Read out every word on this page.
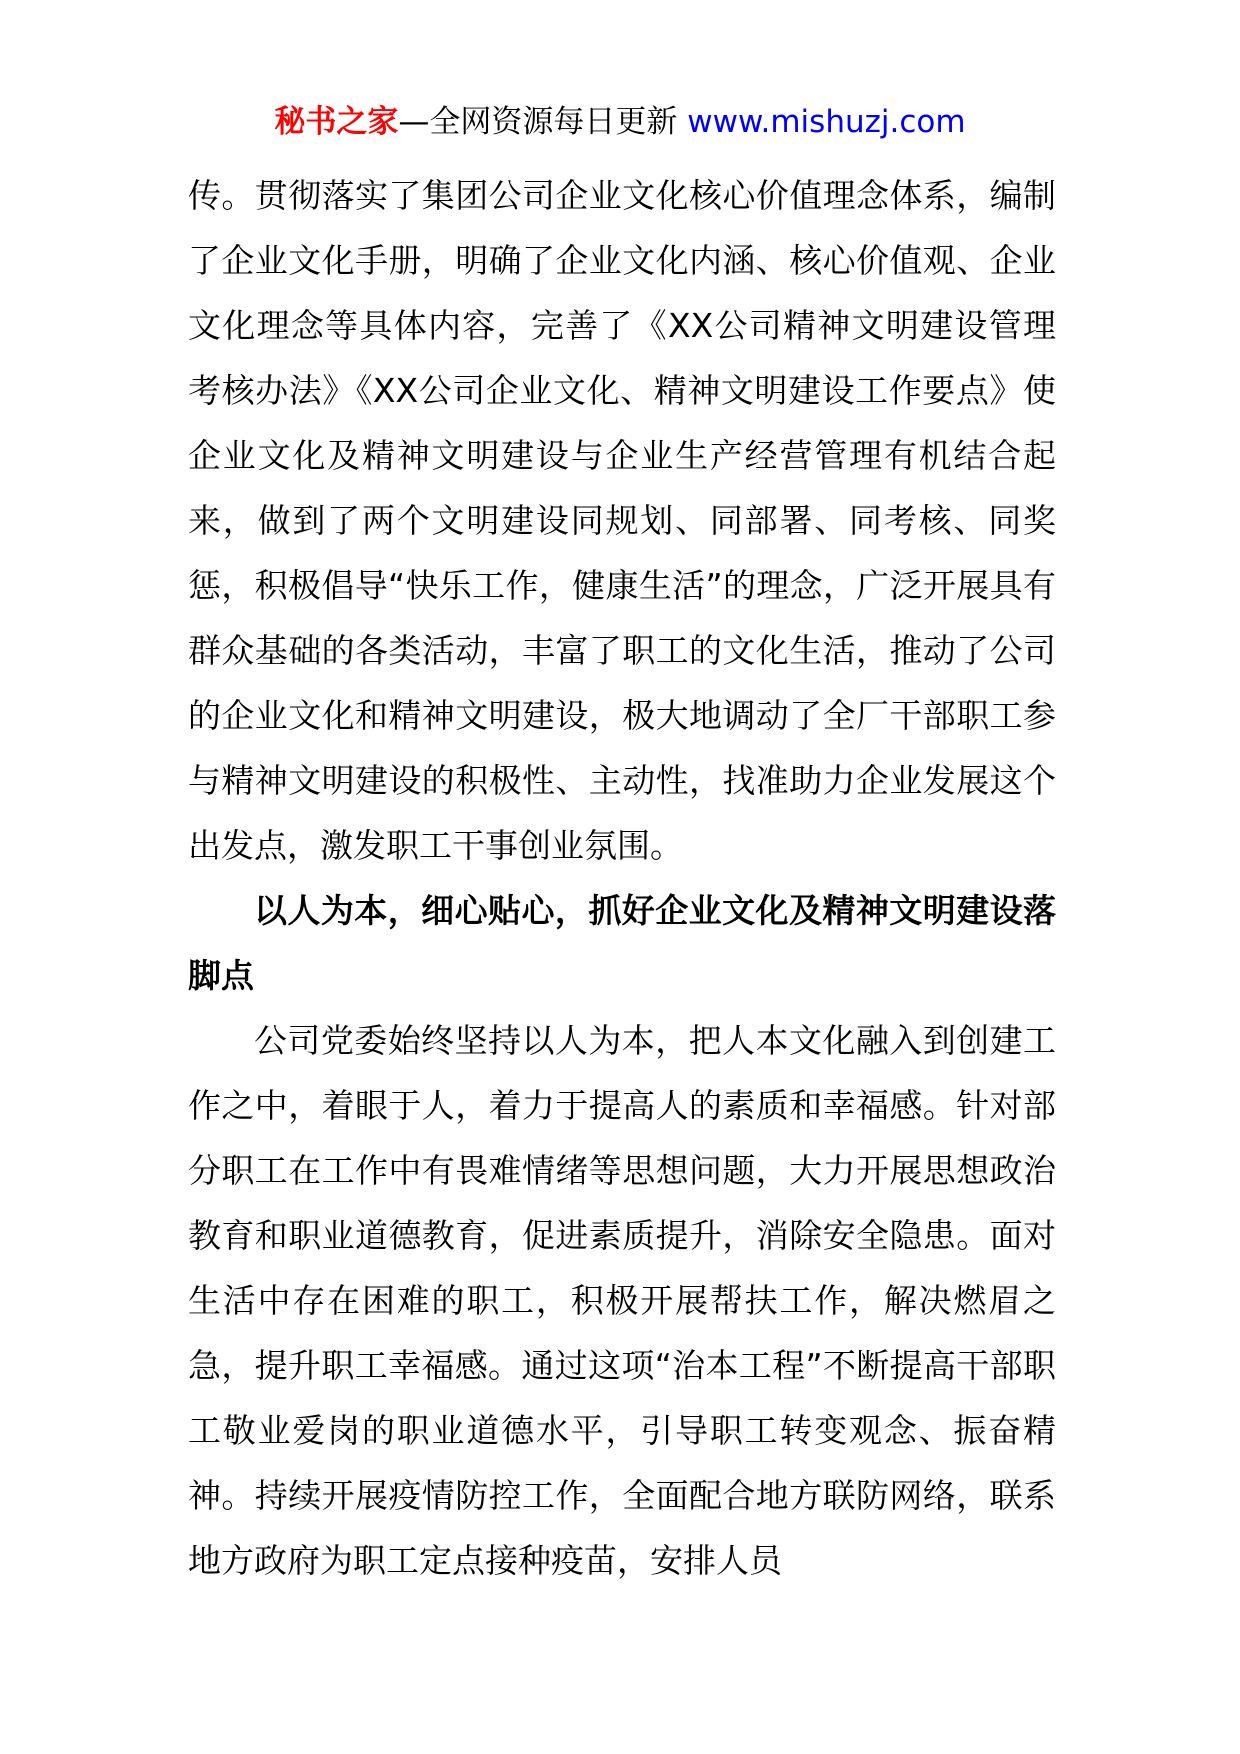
秘书之家—全网资源每日更新 www.mishuzj.com

传。贯彻落实了集团公司企业文化核心价值理念体系，编制了企业文化手册，明确了企业文化内涵、核心价值观、企业文化理念等具体内容，完善了《XX公司精神文明建设管理考核办法》《XX公司企业文化、精神文明建设工作要点》使企业文化及精神文明建设与企业生产经营管理有机结合起来，做到了两个文明建设同规划、同部署、同考核、同奖惩，积极倡导“快乐工作，健康生活”的理念，广泛开展具有群众基础的各类活动，丰富了职工的文化生活，推动了公司的企业文化和精神文明建设，极大地调动了全厂干部职工参与精神文明建设的积极性、主动性，找准助力企业发展这个出发点，激发职工干事创业氛围。

以人为本，细心贴心，抓好企业文化及精神文明建设落脚点

公司党委始终坚持以人为本，把人本文化融入到创建工作之中，着眼于人，着力于提高人的素质和幸福感。针对部分职工在工作中有畏难情绪等思想问题，大力开展思想政治教育和职业道德教育，促进素质提升，消除安全隐患。面对生活中存在困难的职工，积极开展帮扶工作，解决燃眉之急，提升职工幸福感。通过这项“治本工程”不断提高干部职工敬业爱岗的职业道德水平，引导职工转变观念、振奋精神。持续开展疫情防控工作，全面配合地方联防网络，联系地方政府为职工定点接种疫苗，安排人员
